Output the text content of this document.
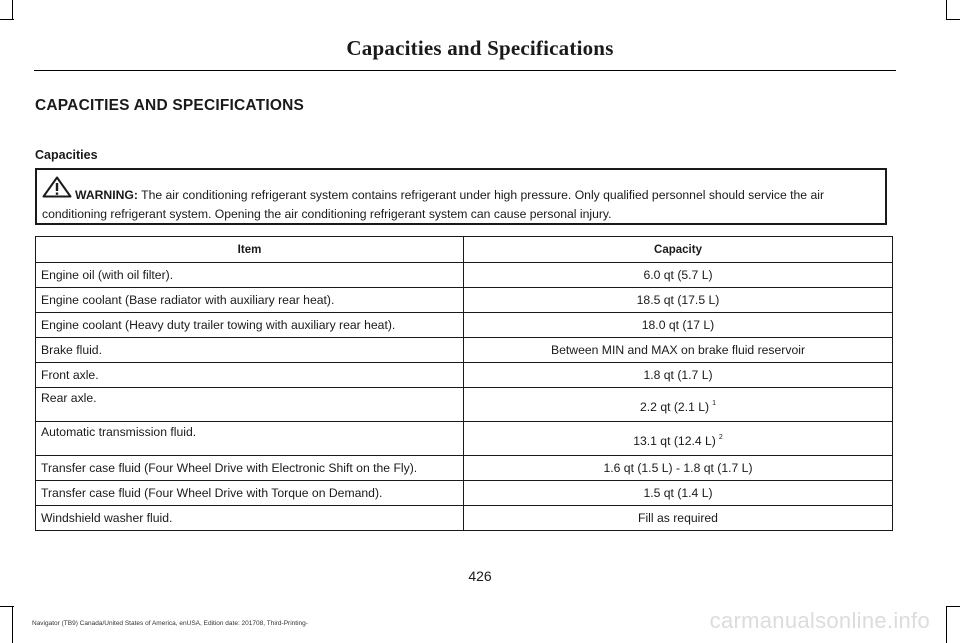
Capacities and Specifications
CAPACITIES AND SPECIFICATIONS
Capacities
WARNING: The air conditioning refrigerant system contains refrigerant under high pressure. Only qualified personnel should service the air conditioning refrigerant system. Opening the air conditioning refrigerant system can cause personal injury.
Item	Capacity
Engine oil (with oil filter).	6.0 qt (5.7 L)
Engine coolant (Base radiator with auxiliary rear heat).	18.5 qt (17.5 L)
Engine coolant (Heavy duty trailer towing with auxiliary rear heat).	18.0 qt (17 L)
Brake fluid.	Between MIN and MAX on brake fluid reservoir
Front axle.	1.8 qt (1.7 L)
Rear axle.	2.2 qt (2.1 L) $^1$
Automatic transmission fluid.	13.1 qt (12.4 L) $^2$
Transfer case fluid (Four Wheel Drive with Electronic Shift on the Fly).	1.6 qt (1.5 L) - 1.8 qt (1.7 L)
Transfer case fluid (Four Wheel Drive with Torque on Demand).	1.5 qt (1.4 L)
Windshield washer fluid.	Fill as required
426
Navigator (TB9) Canada/United States of America, enUSA, Edition date: 201708, Third-Printing-	carmanualsonline.info
